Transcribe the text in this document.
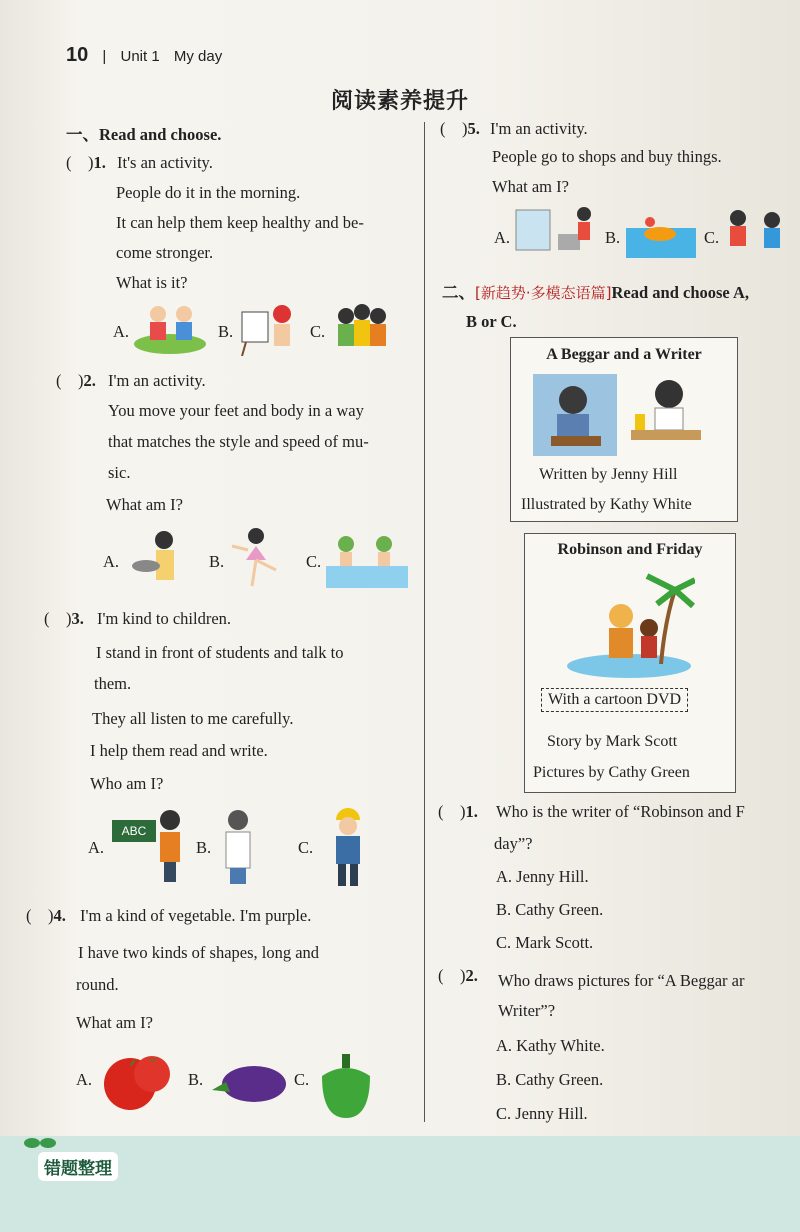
10 | Unit 1 My day
阅读素养提升
一、Read and choose.
(    )1. It's an activity.
People do it in the morning.
It can help them keep healthy and be-
come stronger.
What is it?
A.	B.	C.
(    )2. I'm an activity.
You move your feet and body in a way
that matches the style and speed of mu-
sic.
What am I?
A.	B.	C.
(    )3. I'm kind to children.
I stand in front of students and talk to
them.
They all listen to me carefully.
I help them read and write.
Who am I?
A.
ABC
B.	C.
(    )4. I'm a kind of vegetable. I'm purple.
I have two kinds of shapes, long and
round.
What am I?
A.	B.	C.
(    )5. I'm an activity.
People go to shops and buy things.
What am I?
A.	B.	C.
二、[新趋势·多模态语篇]Read and choose A,
B or C.
A Beggar and a Writer
Written by Jenny Hill
Illustrated by Kathy White
Robinson and Friday
With a cartoon DVD
Story by Mark Scott
Pictures by Cathy Green
(    )1. Who is the writer of “Robinson and F
day”?
A. Jenny Hill.
B. Cathy Green.
C. Mark Scott.
(    )2. Who draws pictures for “A Beggar ar
Writer”?
A. Kathy White.
B. Cathy Green.
C. Jenny Hill.
错题整理
